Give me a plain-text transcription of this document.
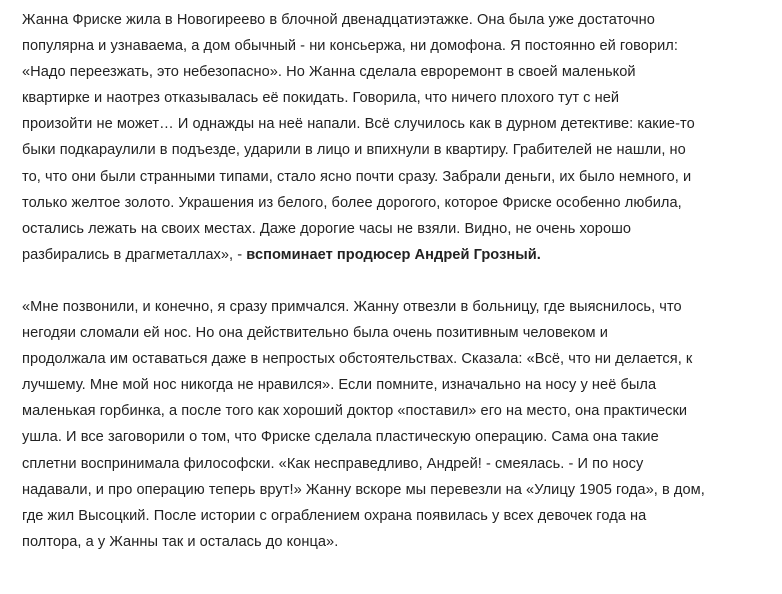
Жанна Фриске жила в Новогиреево в блочной двенадцатиэтажке. Она была уже достаточно
популярна и узнаваема, а дом обычный - ни консьержа, ни домофона. Я постоянно ей говорил:
«Надо переезжать, это небезопасно». Но Жанна сделала евроремонт в своей маленькой
квартирке и наотрез отказывалась её покидать. Говорила, что ничего плохого тут с ней
произойти не может… И однажды на неё напали. Всё случилось как в дурном детективе: какие-то
быки подкараулили в подъезде, ударили в лицо и впихнули в квартиру. Грабителей не нашли, но
то, что они были странными типами, стало ясно почти сразу. Забрали деньги, их было немного, и
только желтое золото. Украшения из белого, более дорогого, которое Фриске особенно любила,
остались лежать на своих местах. Даже дорогие часы не взяли. Видно, не очень хорошо
разбирались в драгметаллах», - вспоминает продюсер Андрей Грозный.
«Мне позвонили, и конечно, я сразу примчался. Жанну отвезли в больницу, где выяснилось, что
негодяи сломали ей нос. Но она действительно была очень позитивным человеком и
продолжала им оставаться даже в непростых обстоятельствах. Сказала: «Всё, что ни делается, к
лучшему. Мне мой нос никогда не нравился». Если помните, изначально на носу у неё была
маленькая горбинка, а после того как хороший доктор «поставил» его на место, она практически
ушла. И все заговорили о том, что Фриске сделала пластическую операцию. Сама она такие
сплетни воспринимала философски. «Как несправедливо, Андрей! - смеялась. - И по носу
надавали, и про операцию теперь врут!» Жанну вскоре мы перевезли на «Улицу 1905 года», в дом,
где жил Высоцкий. После истории с ограблением охрана появилась у всех девочек года на
полтора, а у Жанны так и осталась до конца».
